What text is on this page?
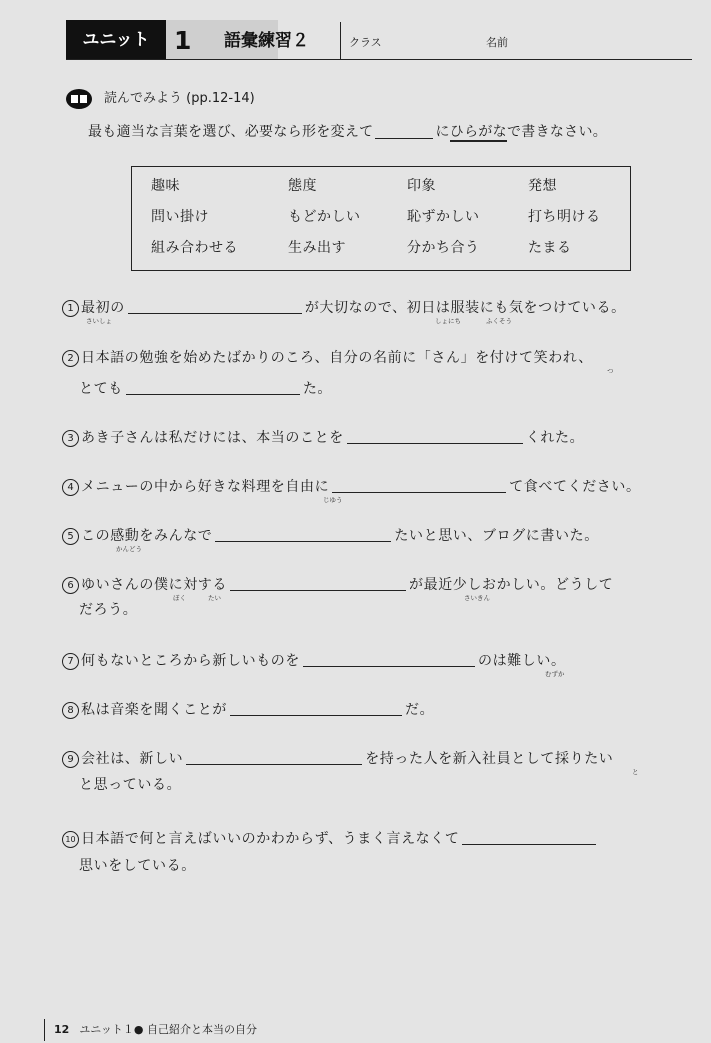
ユニット 1 語彙練習２	クラス	名前
読んでみよう (pp.12-14)
最も適当な言葉を選び、必要なら形を変えて	にひらがなで書きなさい。
趣味	態度	印象	発想
問い掛け	もどかしい	恥ずかしい	打ち明ける
組み合わせる	生み出す	分かち合う	たまる
1 最初の	が大切なので、初日は服装にも気をつけている。
さいしょ	しょにち	ふくそう
2 日本語の勉強を始めたばかりのころ、自分の名前に「さん」を付けて笑われ、
つ
とても	た。
3 あき子さんは私だけには、本当のことを	くれた。
4 メニューの中から好きな料理を自由に	て食べてください。
じゆう
5 この感動をみんなで	たいと思い、ブログに書いた。
かんどう
6 ゆいさんの僕に対する	が最近少しおかしい。どうして
ぼく	たい	さいきん
だろう。
7 何もないところから新しいものを	のは難しい。
むずか
8 私は音楽を聞くことが	だ。
9 会社は、新しい	を持った人を新入社員として採りたい
と
と思っている。
10 日本語で何と言えばいいのかわからず、うまく言えなくて
思いをしている。
12 ユニット１● 自己紹介と本当の自分
